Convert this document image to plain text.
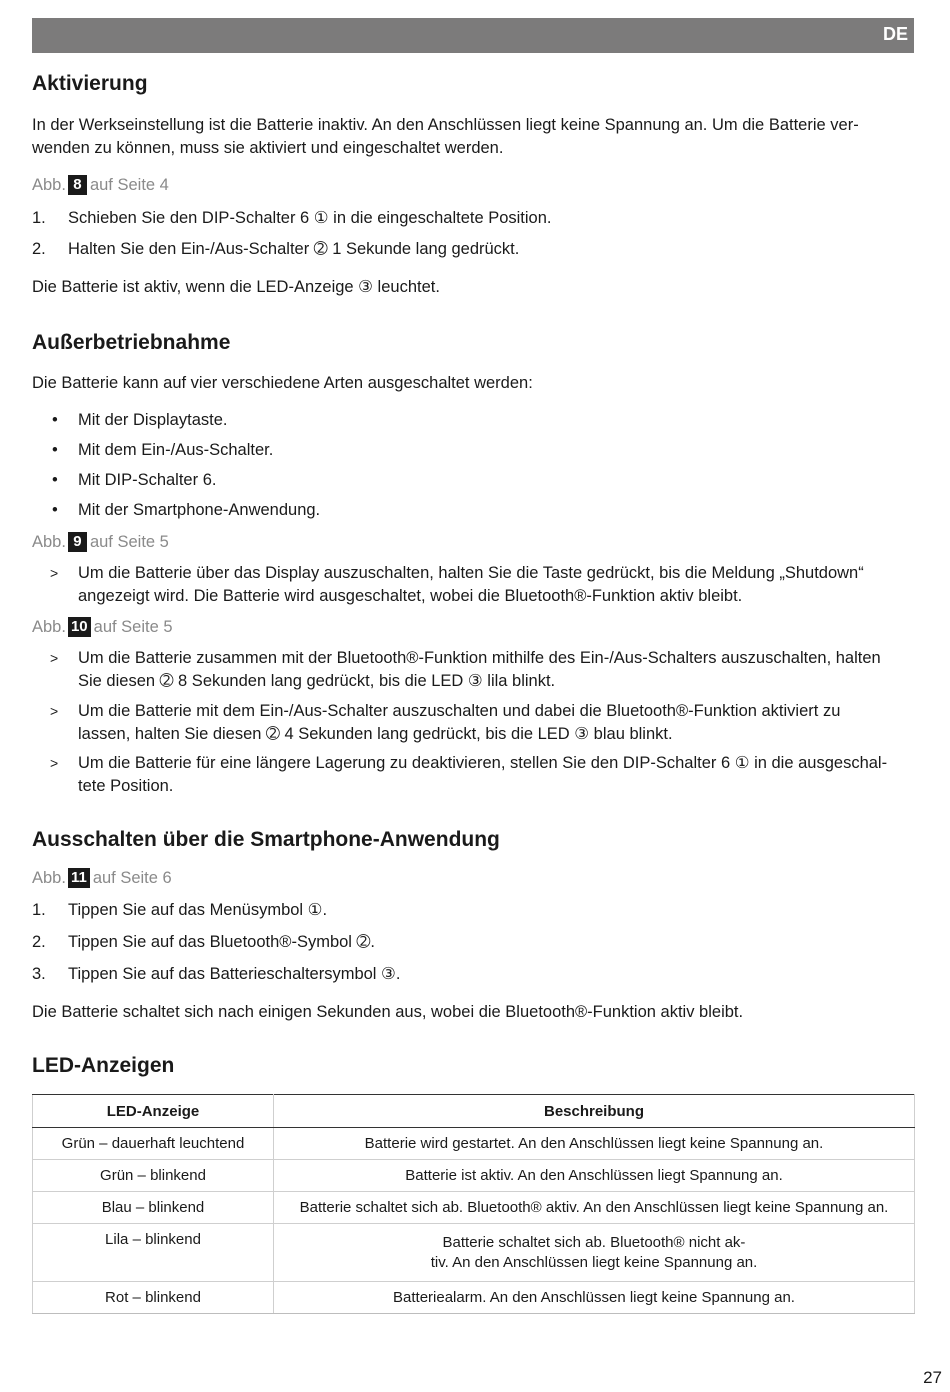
DE
Aktivierung
In der Werkseinstellung ist die Batterie inaktiv. An den Anschlüssen liegt keine Spannung an. Um die Batterie ver-
wenden zu können, muss sie aktiviert und eingeschaltet werden.
Abb. 8 auf Seite 4
1. Schieben Sie den DIP-Schalter 6 ① in die eingeschaltete Position.
2. Halten Sie den Ein-/Aus-Schalter ➁ 1 Sekunde lang gedrückt.
Die Batterie ist aktiv, wenn die LED-Anzeige ③ leuchtet.
Außerbetriebnahme
Die Batterie kann auf vier verschiedene Arten ausgeschaltet werden:
• Mit der Displaytaste.
• Mit dem Ein-/Aus-Schalter.
• Mit DIP-Schalter 6.
• Mit der Smartphone-Anwendung.
Abb. 9 auf Seite 5
> Um die Batterie über das Display auszuschalten, halten Sie die Taste gedrückt, bis die Meldung „Shutdown“
angezeigt wird. Die Batterie wird ausgeschaltet, wobei die Bluetooth®-Funktion aktiv bleibt.
Abb. 10 auf Seite 5
> Um die Batterie zusammen mit der Bluetooth®-Funktion mithilfe des Ein-/Aus-Schalters auszuschalten, halten
Sie diesen ➁ 8 Sekunden lang gedrückt, bis die LED ③ lila blinkt.
> Um die Batterie mit dem Ein-/Aus-Schalter auszuschalten und dabei die Bluetooth®-Funktion aktiviert zu
lassen, halten Sie diesen ➁ 4 Sekunden lang gedrückt, bis die LED ③ blau blinkt.
> Um die Batterie für eine längere Lagerung zu deaktivieren, stellen Sie den DIP-Schalter 6 ① in die ausgeschal-
tete Position.
Ausschalten über die Smartphone-Anwendung
Abb. 11 auf Seite 6
1. Tippen Sie auf das Menüsymbol ①.
2. Tippen Sie auf das Bluetooth®-Symbol ➁.
3. Tippen Sie auf das Batterieschaltersymbol ③.
Die Batterie schaltet sich nach einigen Sekunden aus, wobei die Bluetooth®-Funktion aktiv bleibt.
LED-Anzeigen
LED-Anzeige	Beschreibung
Grün – dauerhaft leuchtend	Batterie wird gestartet. An den Anschlüssen liegt keine Spannung an.
Grün – blinkend	Batterie ist aktiv. An den Anschlüssen liegt Spannung an.
Blau – blinkend	Batterie schaltet sich ab. Bluetooth® aktiv. An den Anschlüssen liegt keine Spannung an.
Lila – blinkend	Batterie schaltet sich ab. Bluetooth® nicht ak-
tiv. An den Anschlüssen liegt keine Spannung an.
Rot – blinkend	Batteriealarm. An den Anschlüssen liegt keine Spannung an.
27
